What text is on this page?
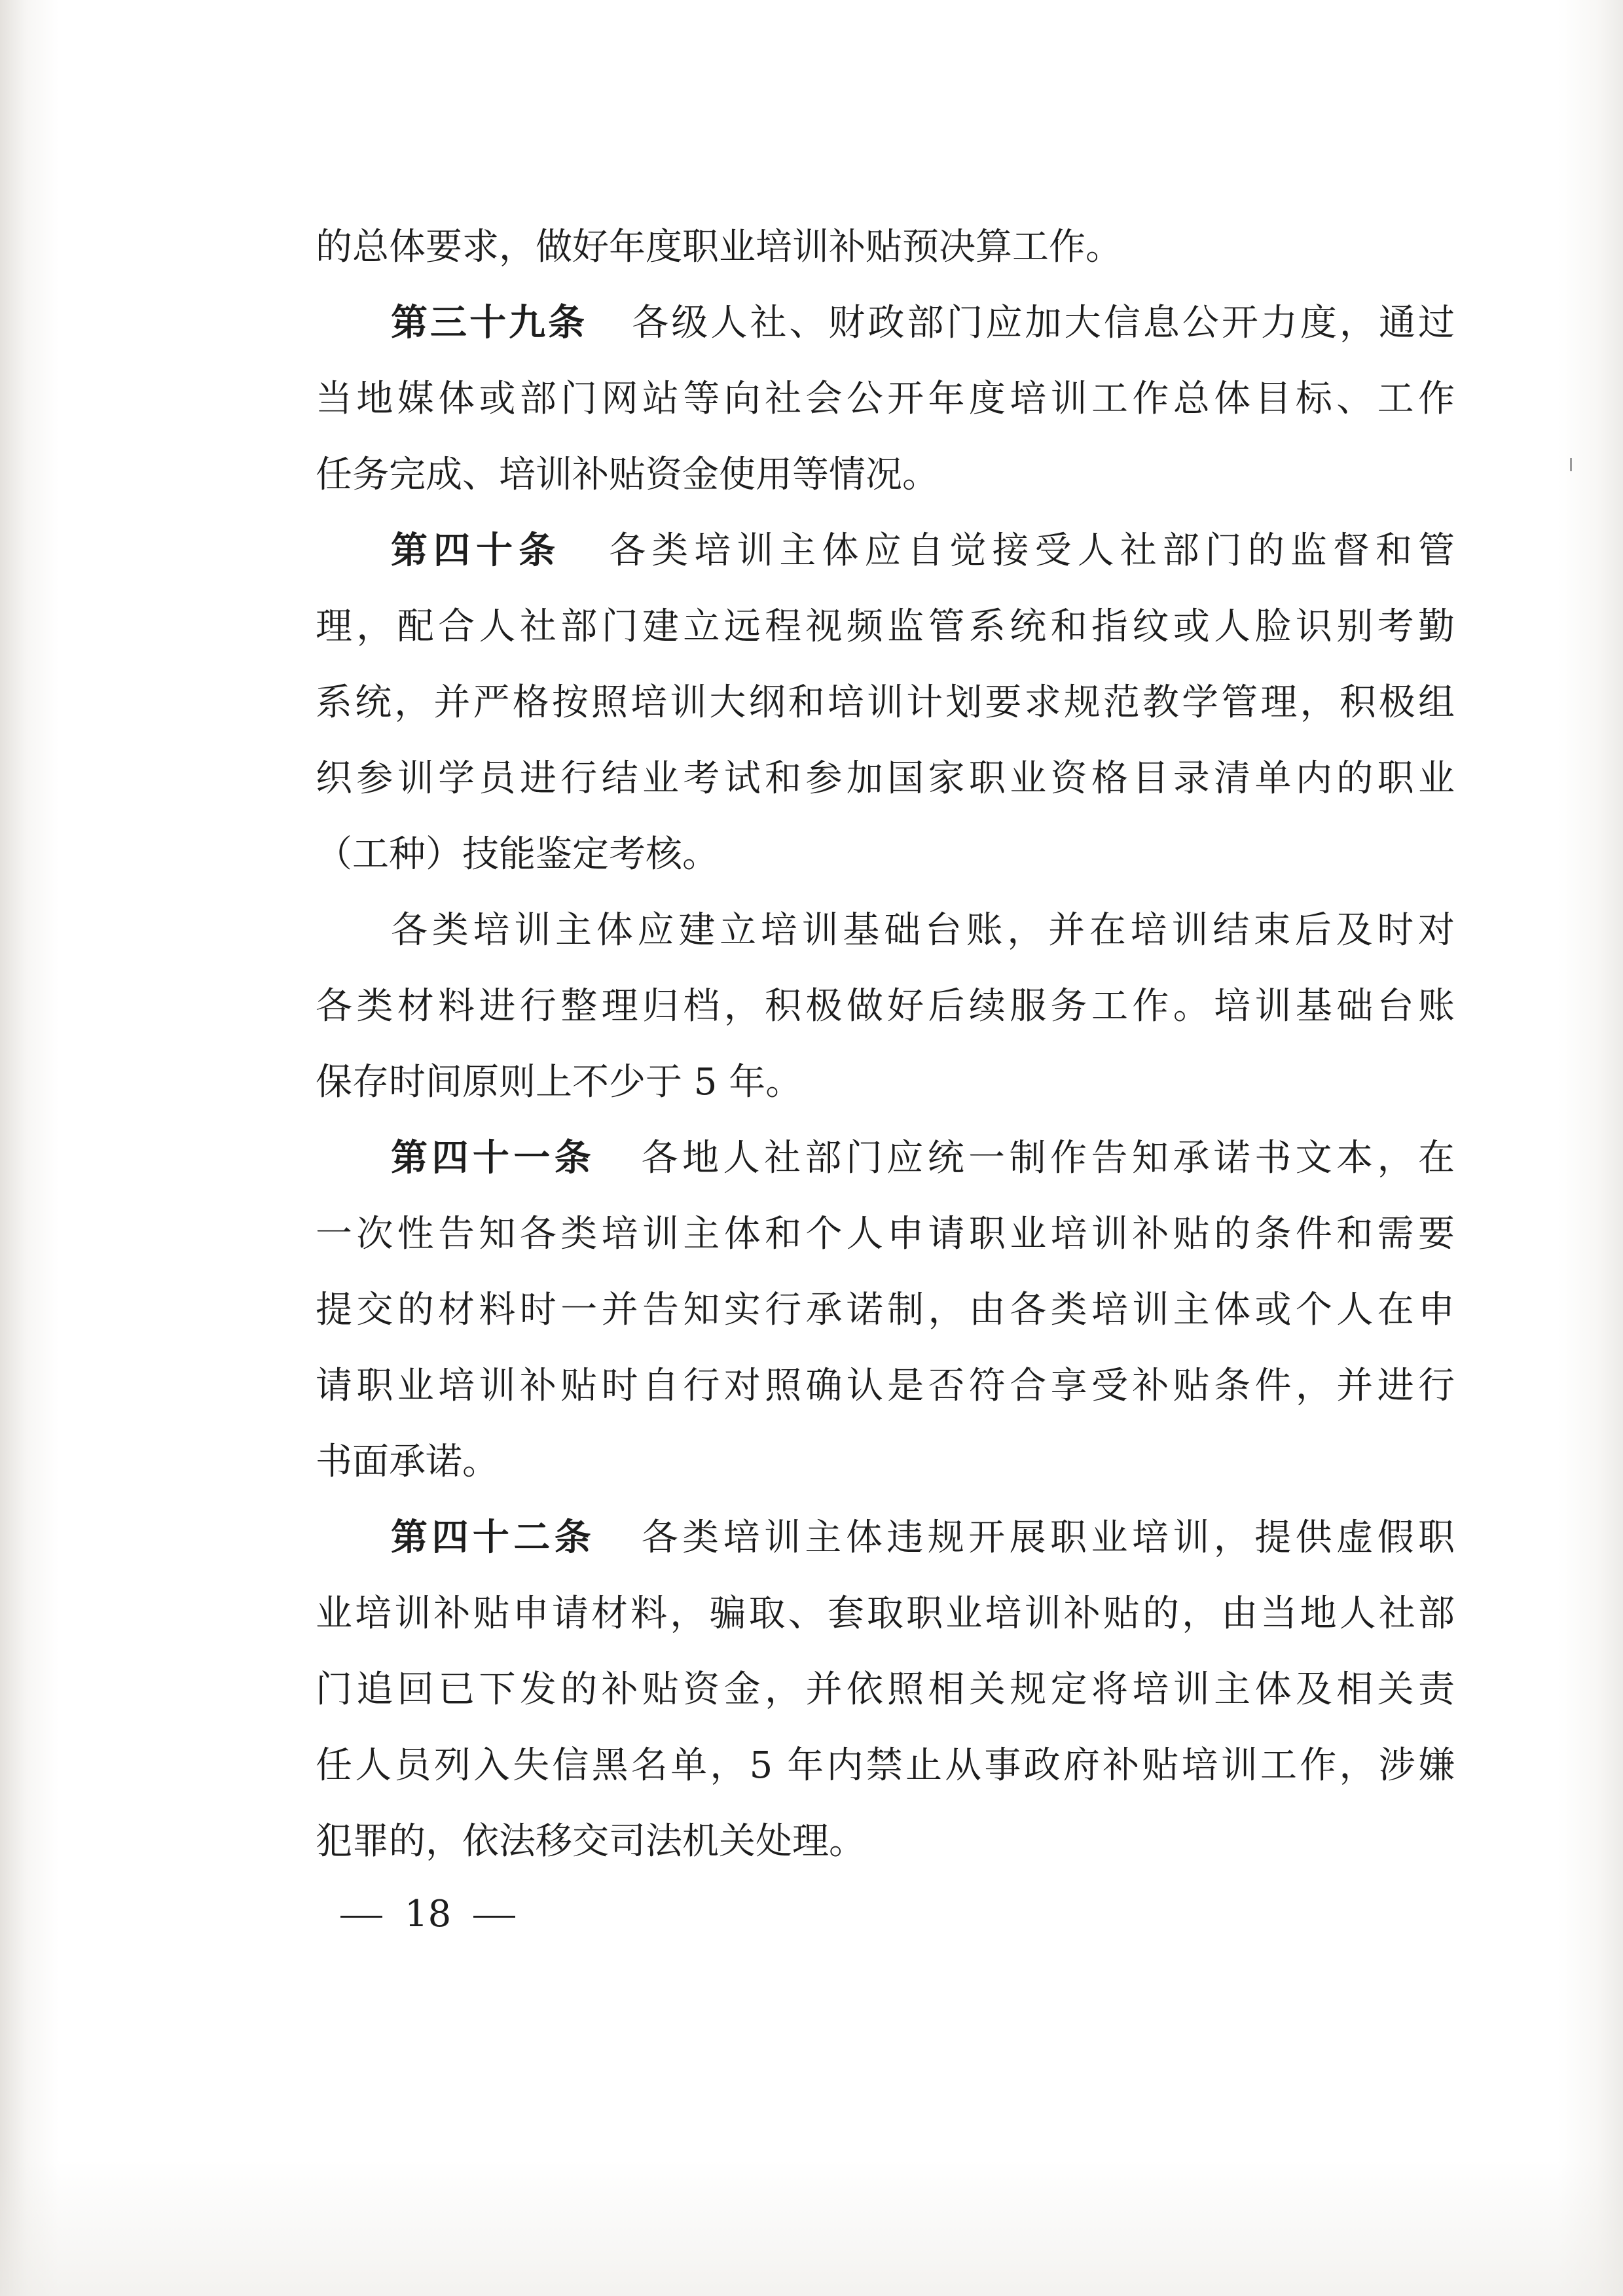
的总体要求，做好年度职业培训补贴预决算工作。
第三十九条 各级人社、财政部门应加大信息公开力度，通过
当地媒体或部门网站等向社会公开年度培训工作总体目标、工作
任务完成、培训补贴资金使用等情况。
第四十条 各类培训主体应自觉接受人社部门的监督和管
理，配合人社部门建立远程视频监管系统和指纹或人脸识别考勤
系统，并严格按照培训大纲和培训计划要求规范教学管理，积极组
织参训学员进行结业考试和参加国家职业资格目录清单内的职业
（工种）技能鉴定考核。
各类培训主体应建立培训基础台账，并在培训结束后及时对
各类材料进行整理归档，积极做好后续服务工作。培训基础台账
保存时间原则上不少于 5 年。
第四十一条 各地人社部门应统一制作告知承诺书文本，在
一次性告知各类培训主体和个人申请职业培训补贴的条件和需要
提交的材料时一并告知实行承诺制，由各类培训主体或个人在申
请职业培训补贴时自行对照确认是否符合享受补贴条件，并进行
书面承诺。
第四十二条 各类培训主体违规开展职业培训，提供虚假职
业培训补贴申请材料，骗取、套取职业培训补贴的，由当地人社部
门追回已下发的补贴资金，并依照相关规定将培训主体及相关责
任人员列入失信黑名单，5 年内禁止从事政府补贴培训工作，涉嫌
犯罪的，依法移交司法机关处理。
18
